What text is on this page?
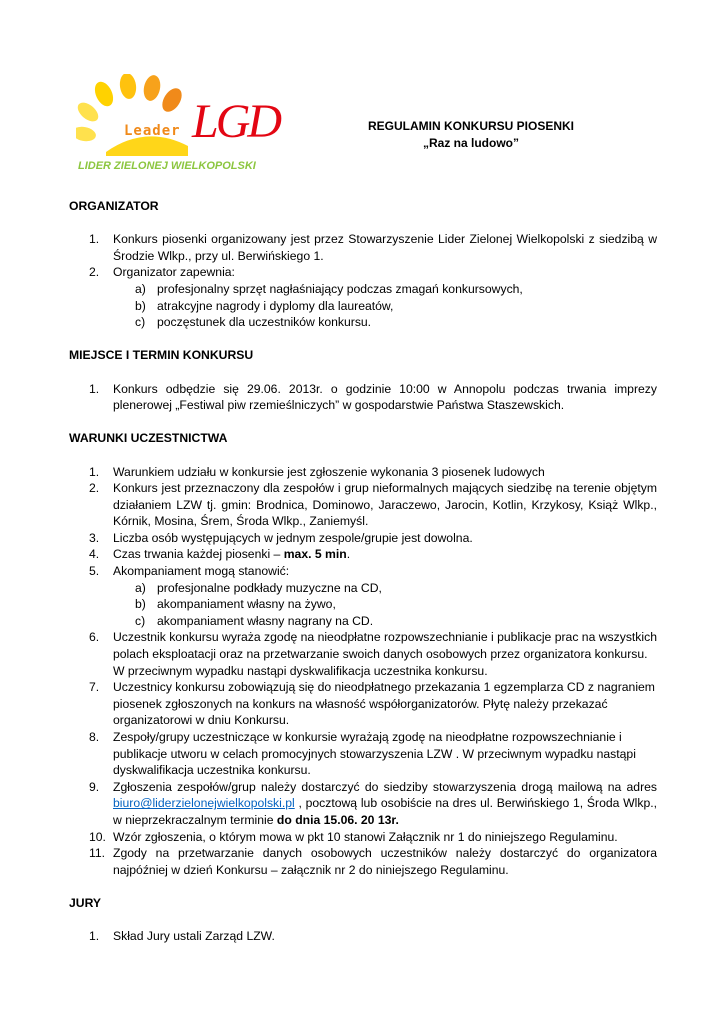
Leader LGD
LIDER ZIELONEJ WIELKOPOLSKI
REGULAMIN KONKURSU PIOSENKI
„Raz na ludowo”

ORGANIZATOR

1. Konkurs piosenki organizowany jest przez Stowarzyszenie Lider Zielonej Wielkopolski z siedzibą w Środzie Wlkp., przy ul. Berwińskiego 1.
2. Organizator zapewnia:
a) profesjonalny sprzęt nagłaśniający podczas zmagań konkursowych,
b) atrakcyjne nagrody i dyplomy dla laureatów,
c) poczęstunek dla uczestników konkursu.

MIEJSCE I TERMIN KONKURSU

1. Konkurs odbędzie się 29.06. 2013r. o godzinie 10:00 w Annopolu podczas trwania imprezy plenerowej „Festiwal piw rzemieślniczych” w gospodarstwie Państwa Staszewskich.

WARUNKI UCZESTNICTWA

1. Warunkiem udziału w konkursie jest zgłoszenie wykonania 3 piosenek ludowych
2. Konkurs jest przeznaczony dla zespołów i grup nieformalnych mających siedzibę na terenie objętym działaniem LZW tj. gmin: Brodnica, Dominowo, Jaraczewo, Jarocin, Kotlin, Krzykosy, Książ Wlkp., Kórnik, Mosina, Śrem, Środa Wlkp., Zaniemyśl.
3. Liczba osób występujących w jednym zespole/grupie jest dowolna.
4. Czas trwania każdej piosenki – max. 5 min.
5. Akompaniament mogą stanowić:
a) profesjonalne podkłady muzyczne na CD,
b) akompaniament własny na żywo,
c) akompaniament własny nagrany na CD.
6. Uczestnik konkursu wyraża zgodę na nieodpłatne rozpowszechnianie i publikacje prac na wszystkich polach eksploatacji oraz na przetwarzanie swoich danych osobowych przez organizatora konkursu. W przeciwnym wypadku nastąpi dyskwalifikacja uczestnika konkursu.
7. Uczestnicy konkursu zobowiązują się do nieodpłatnego przekazania 1 egzemplarza CD z nagraniem piosenek zgłoszonych na konkurs na własność współorganizatorów. Płytę należy przekazać organizatorowi w dniu Konkursu.
8. Zespoły/grupy uczestniczące w konkursie wyrażają zgodę na nieodpłatne rozpowszechnianie i publikacje utworu w celach promocyjnych stowarzyszenia LZW . W przeciwnym wypadku nastąpi dyskwalifikacja uczestnika konkursu.
9. Zgłoszenia zespołów/grup należy dostarczyć do siedziby stowarzyszenia drogą mailową na adres biuro@liderzielonejwielkopolski.pl , pocztową lub osobiście na dres ul. Berwińskiego 1, Środa Wlkp., w nieprzekraczalnym terminie do dnia 15.06. 20 13r.
10. Wzór zgłoszenia, o którym mowa w pkt 10 stanowi Załącznik nr 1 do niniejszego Regulaminu.
11. Zgody na przetwarzanie danych osobowych uczestników należy dostarczyć do organizatora najpóźniej w dzień Konkursu – załącznik nr 2 do niniejszego Regulaminu.

JURY

1. Skład Jury ustali Zarząd LZW.
